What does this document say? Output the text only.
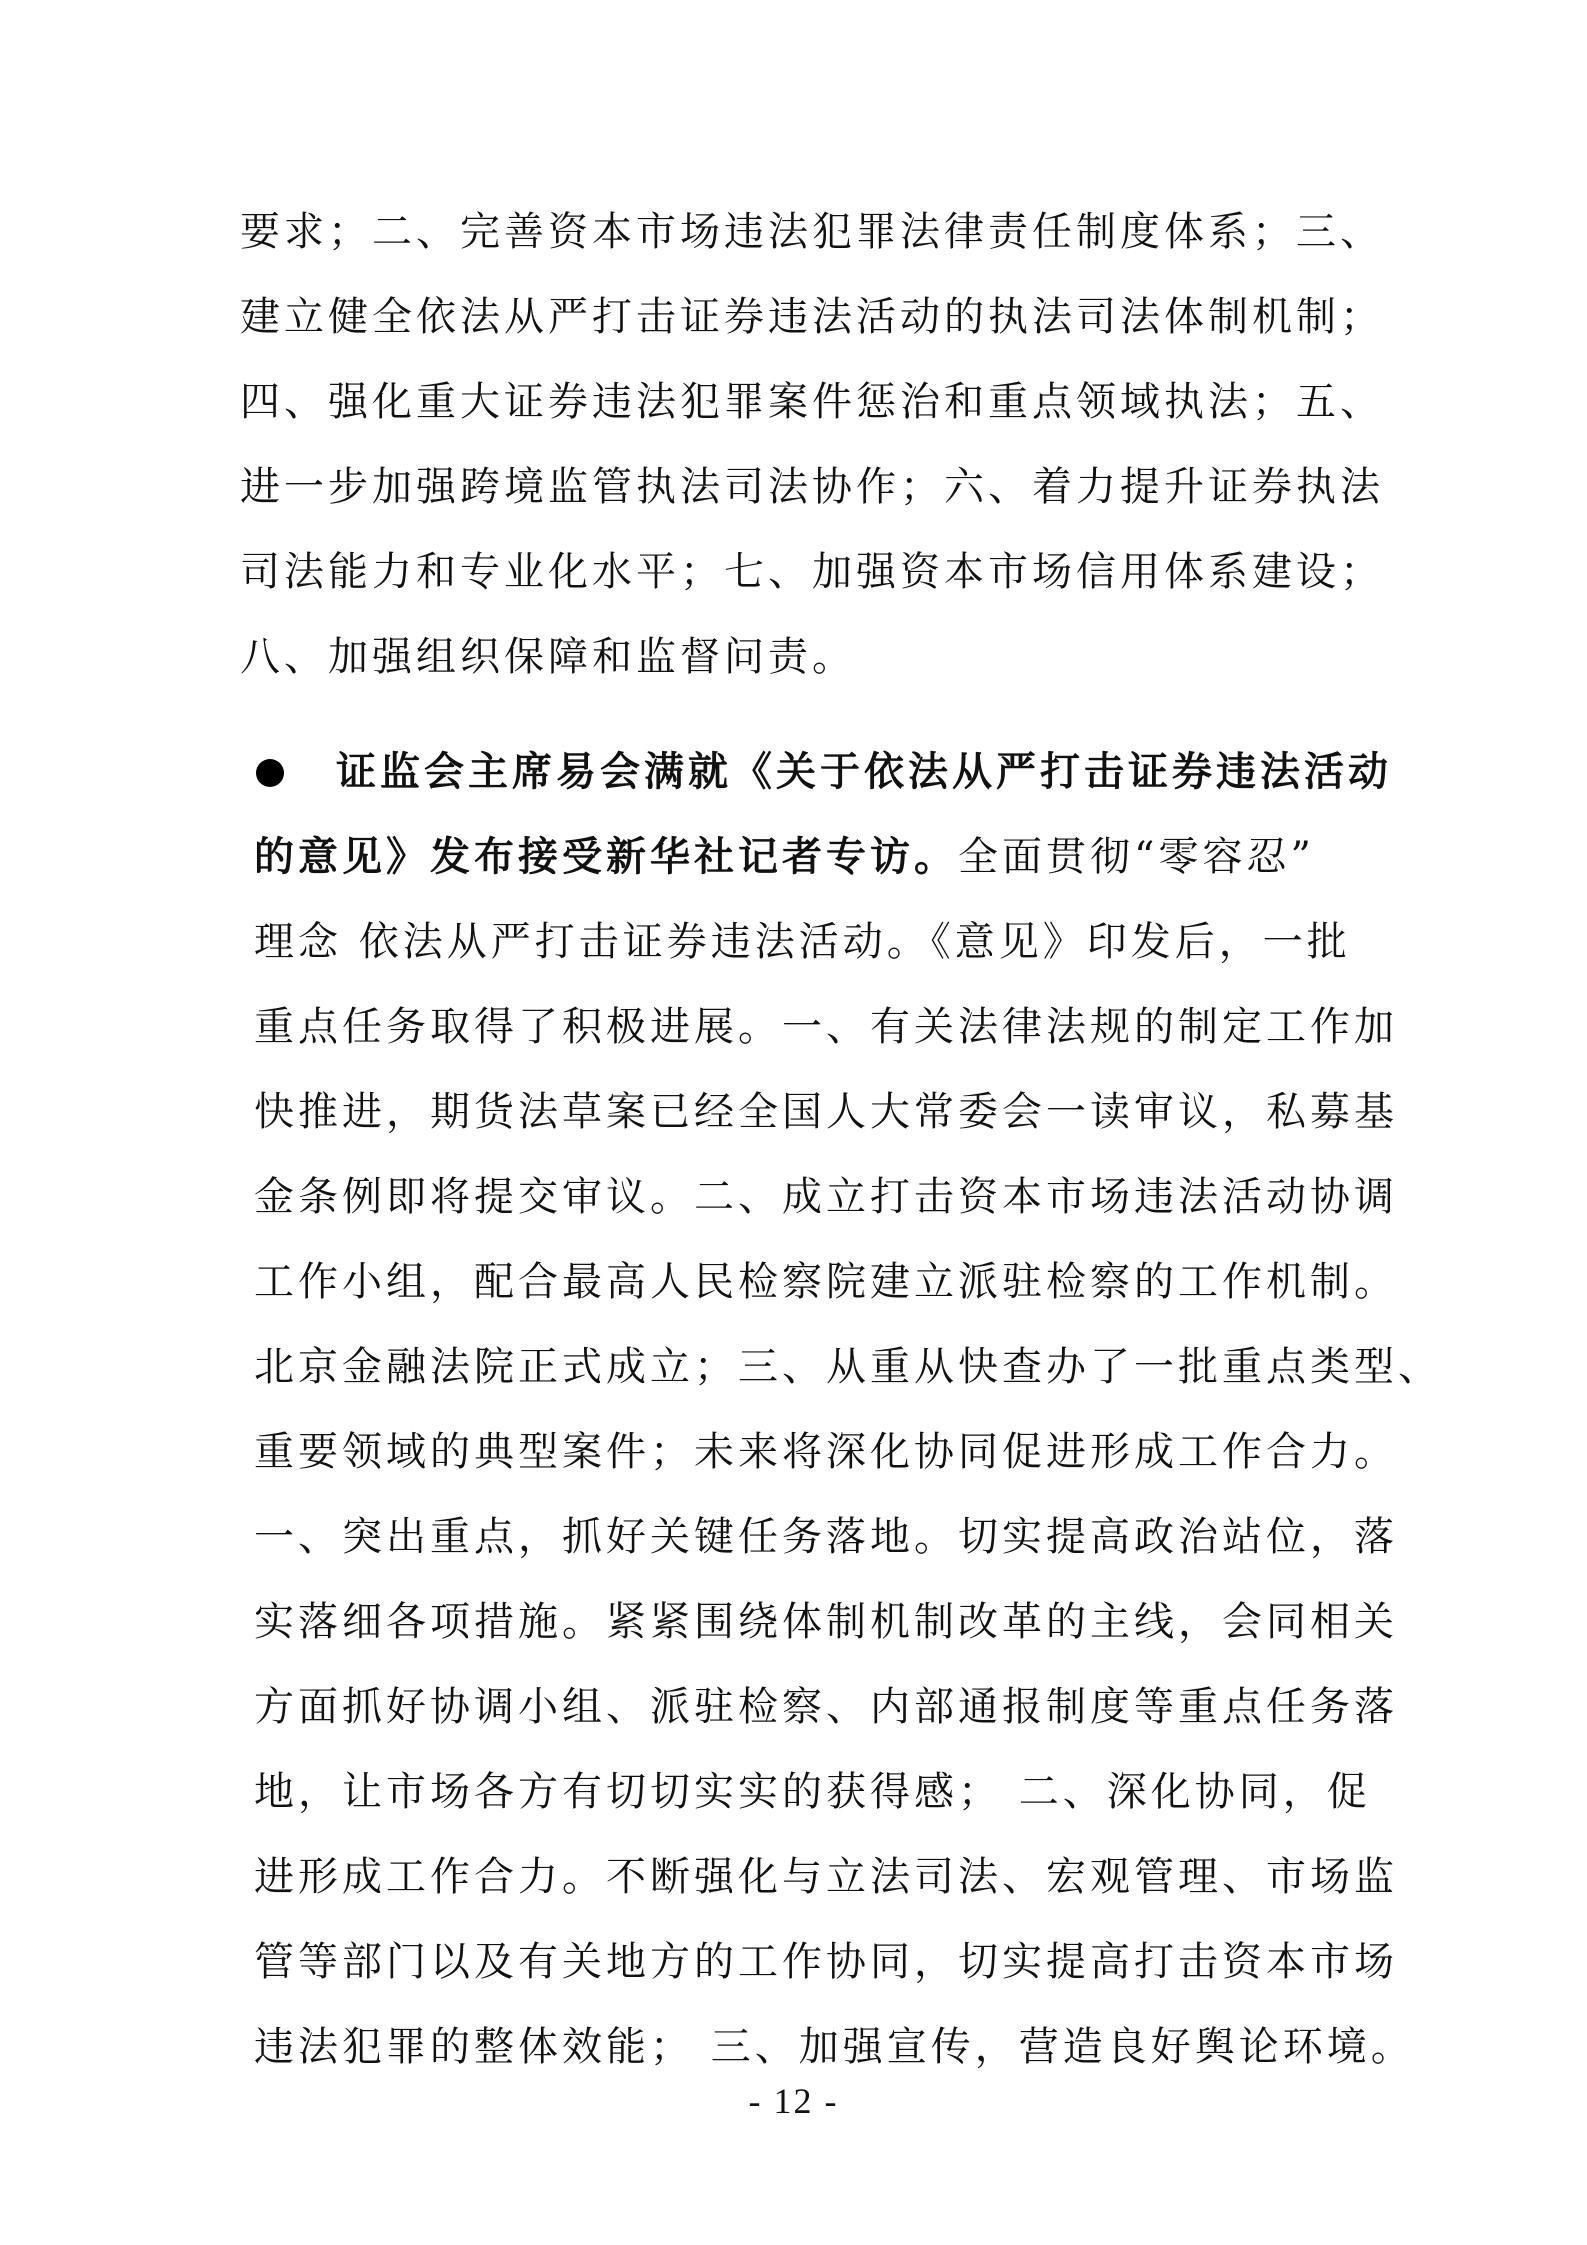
要求；二、完善资本市场违法犯罪法律责任制度体系；三、
建立健全依法从严打击证券违法活动的执法司法体制机制；
四、强化重大证券违法犯罪案件惩治和重点领域执法；五、
进一步加强跨境监管执法司法协作；六、着力提升证券执法
司法能力和专业化水平；七、加强资本市场信用体系建设；
八、加强组织保障和监督问责。
证监会主席易会满就《关于依法从严打击证券违法活动
的意见》发布接受新华社记者专访。全面贯彻“零容忍”
理念 依法从严打击证券违法活动。《意见》印发后，一批
重点任务取得了积极进展。一、有关法律法规的制定工作加
快推进，期货法草案已经全国人大常委会一读审议，私募基
金条例即将提交审议。二、成立打击资本市场违法活动协调
工作小组，配合最高人民检察院建立派驻检察的工作机制。
北京金融法院正式成立；三、从重从快查办了一批重点类型、
重要领域的典型案件；未来将深化协同促进形成工作合力。
一、突出重点，抓好关键任务落地。切实提高政治站位，落
实落细各项措施。紧紧围绕体制机制改革的主线，会同相关
方面抓好协调小组、派驻检察、内部通报制度等重点任务落
地，让市场各方有切切实实的获得感； 二、深化协同，促
进形成工作合力。不断强化与立法司法、宏观管理、市场监
管等部门以及有关地方的工作协同，切实提高打击资本市场
违法犯罪的整体效能； 三、加强宣传，营造良好舆论环境。
- 12 -
